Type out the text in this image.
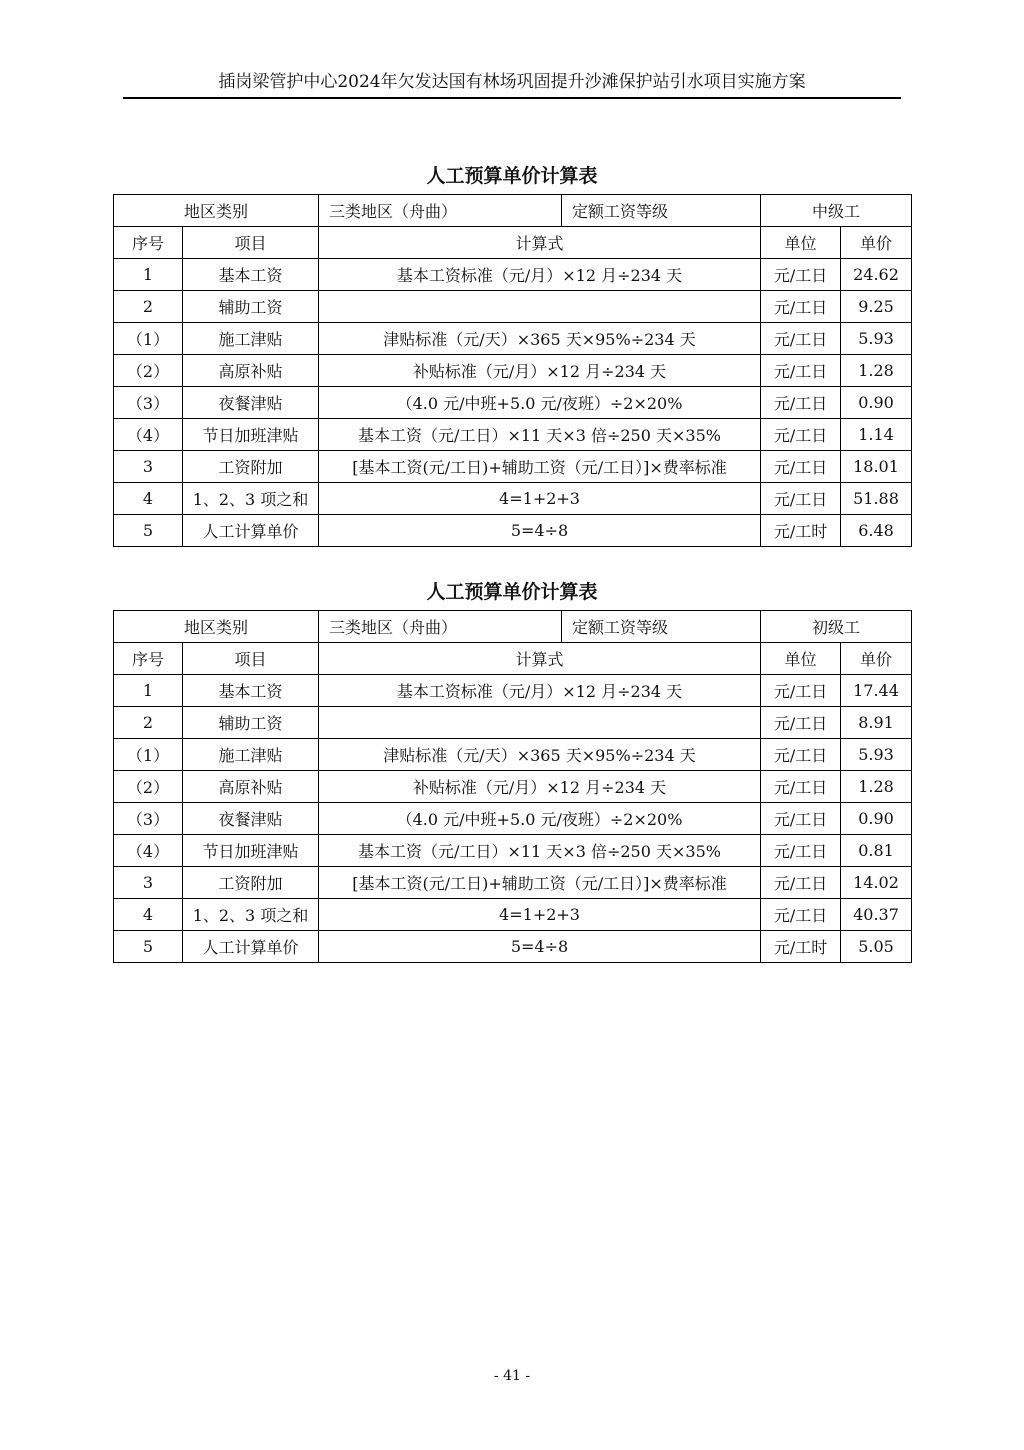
插岗梁管护中心2024年欠发达国有林场巩固提升沙滩保护站引水项目实施方案
人工预算单价计算表
地区类别		三类地区（舟曲）	定额工资等级	中级工	
序号	项目	计算式		单位	单价
1	基本工资	基本工资标准（元/月）×12 月÷234 天		元/工日	24.62
2	辅助工资			元/工日	9.25
（1）	施工津贴	津贴标准（元/天）×365 天×95%÷234 天		元/工日	5.93
（2）	高原补贴	补贴标准（元/月）×12 月÷234 天		元/工日	1.28
（3）	夜餐津贴	（4.0 元/中班+5.0 元/夜班）÷2×20%		元/工日	0.90
（4）	节日加班津贴	基本工资（元/工日）×11 天×3 倍÷250 天×35%		元/工日	1.14
3	工资附加	[基本工资(元/工日)+辅助工资（元/工日）]×费率标准		元/工日	18.01
4	1、2、3 项之和	4=1+2+3		元/工日	51.88
5	人工计算单价	5=4÷8		元/工时	6.48
人工预算单价计算表
地区类别		三类地区（舟曲）	定额工资等级	初级工	
序号	项目	计算式		单位	单价
1	基本工资	基本工资标准（元/月）×12 月÷234 天		元/工日	17.44
2	辅助工资			元/工日	8.91
（1）	施工津贴	津贴标准（元/天）×365 天×95%÷234 天		元/工日	5.93
（2）	高原补贴	补贴标准（元/月）×12 月÷234 天		元/工日	1.28
（3）	夜餐津贴	（4.0 元/中班+5.0 元/夜班）÷2×20%		元/工日	0.90
（4）	节日加班津贴	基本工资（元/工日）×11 天×3 倍÷250 天×35%		元/工日	0.81
3	工资附加	[基本工资(元/工日)+辅助工资（元/工日）]×费率标准		元/工日	14.02
4	1、2、3 项之和	4=1+2+3		元/工日	40.37
5	人工计算单价	5=4÷8		元/工时	5.05
- 41 -
